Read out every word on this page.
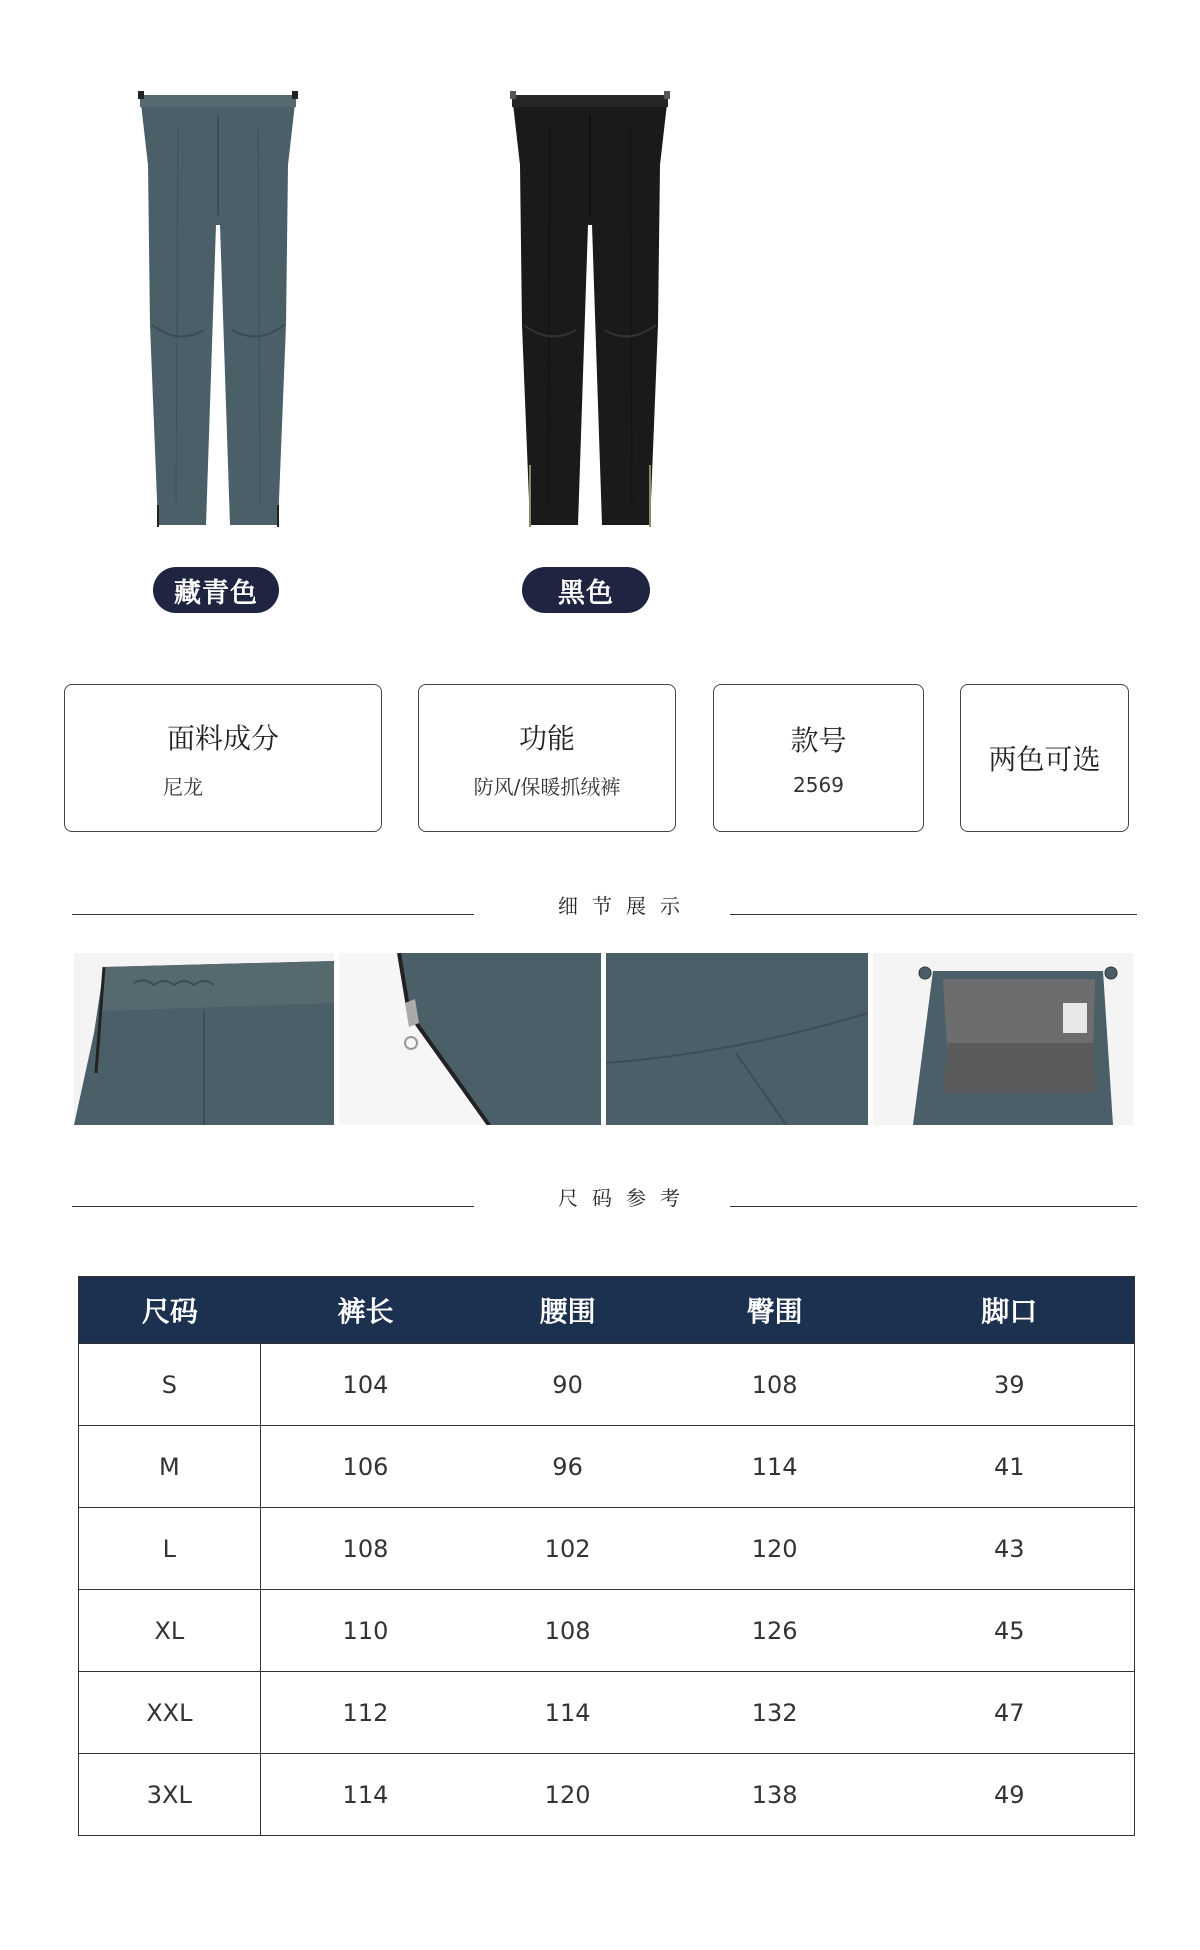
藏青色	黑色
面料成分
尼龙
功能
防风/保暖抓绒裤
款号
2569
两色可选
细节展示
尺码参考
尺码	裤长	腰围	臀围	脚口
S	104	90	108	39
M	106	96	114	41
L	108	102	120	43
XL	110	108	126	45
XXL	112	114	132	47
3XL	114	120	138	49
